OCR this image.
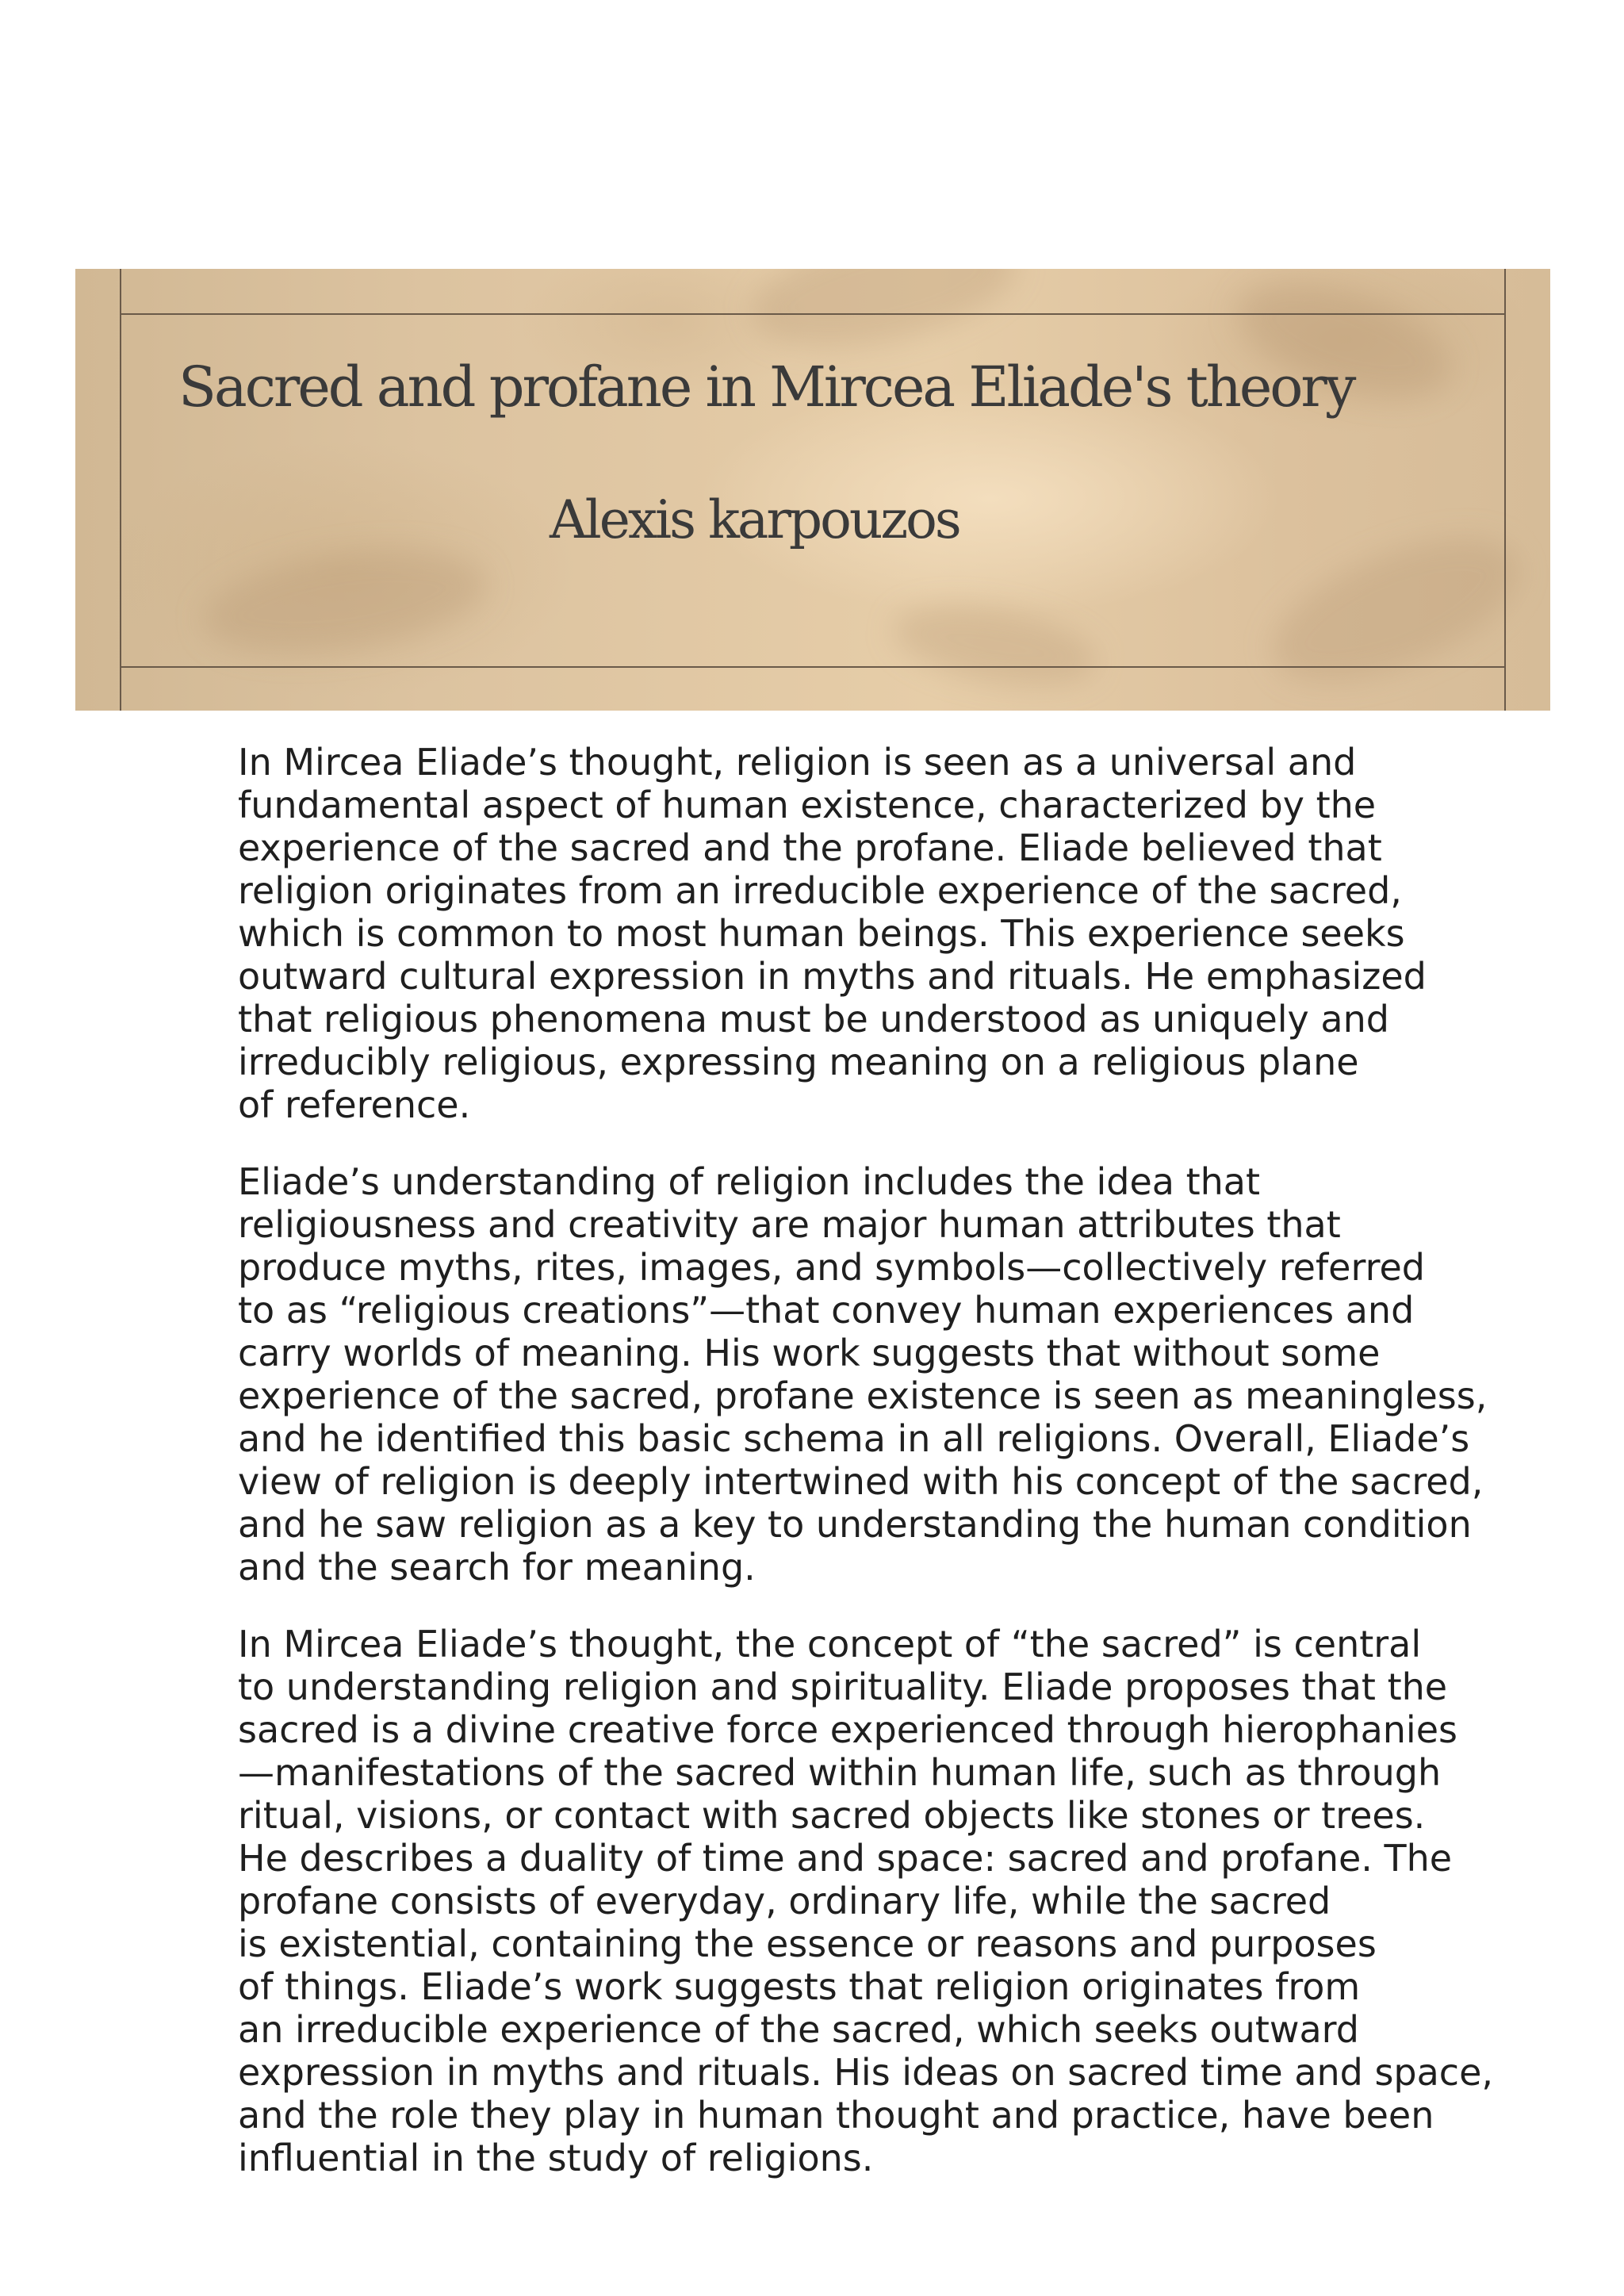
Sacred and profane in Mircea Eliade's theory
Alexis karpouzos

In Mircea Eliade’s thought, religion is seen as a universal and
fundamental aspect of human existence, characterized by the
experience of the sacred and the profane. Eliade believed that
religion originates from an irreducible experience of the sacred,
which is common to most human beings. This experience seeks
outward cultural expression in myths and rituals. He emphasized
that religious phenomena must be understood as uniquely and
irreducibly religious, expressing meaning on a religious plane
of reference.

Eliade’s understanding of religion includes the idea that
religiousness and creativity are major human attributes that
produce myths, rites, images, and symbols—collectively referred
to as “religious creations”—that convey human experiences and
carry worlds of meaning. His work suggests that without some
experience of the sacred, profane existence is seen as meaningless,
and he identified this basic schema in all religions. Overall, Eliade’s
view of religion is deeply intertwined with his concept of the sacred,
and he saw religion as a key to understanding the human condition
and the search for meaning.

In Mircea Eliade’s thought, the concept of “the sacred” is central
to understanding religion and spirituality. Eliade proposes that the
sacred is a divine creative force experienced through hierophanies
—manifestations of the sacred within human life, such as through
ritual, visions, or contact with sacred objects like stones or trees.
He describes a duality of time and space: sacred and profane. The
profane consists of everyday, ordinary life, while the sacred
is existential, containing the essence or reasons and purposes
of things. Eliade’s work suggests that religion originates from
an irreducible experience of the sacred, which seeks outward
expression in myths and rituals. His ideas on sacred time and space,
and the role they play in human thought and practice, have been
influential in the study of religions.
